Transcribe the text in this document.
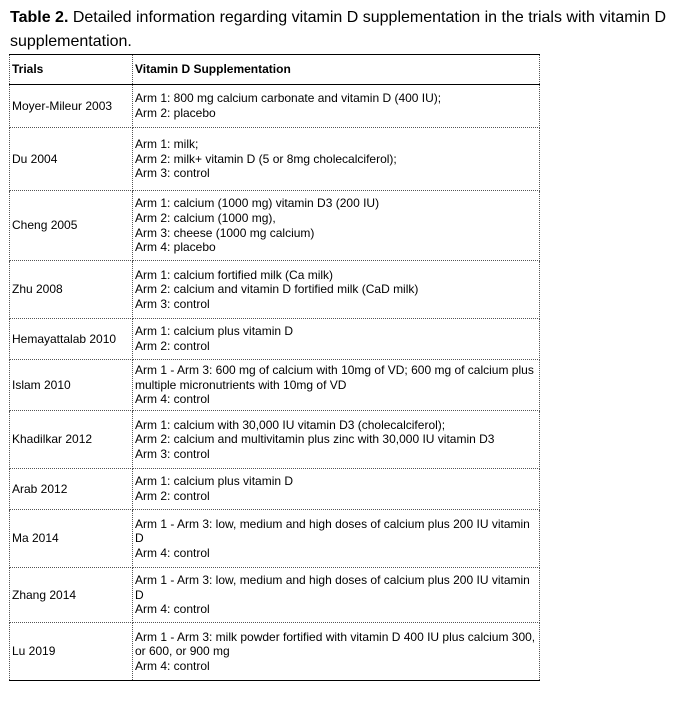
Table 2. Detailed information regarding vitamin D supplementation in the trials with vitamin D supplementation.
Trials	Vitamin D Supplementation
Moyer-Mileur 2003	Arm 1: 800 mg calcium carbonate and vitamin D (400 IU);
Arm 2: placebo

Du 2004	Arm 1: milk;
Arm 2: milk+ vitamin D (5 or 8mg cholecalciferol);
Arm 3: control

Cheng 2005	Arm 1: calcium (1000 mg) vitamin D3 (200 IU)
Arm 2: calcium (1000 mg),
Arm 3: cheese (1000 mg calcium)
Arm 4: placebo

Zhu 2008	Arm 1: calcium fortified milk (Ca milk)
Arm 2: calcium and vitamin D fortified milk (CaD milk)
Arm 3: control

Hemayattalab 2010	Arm 1: calcium plus vitamin D
Arm 2: control

Islam 2010	Arm 1 - Arm 3: 600 mg of calcium with 10mg of VD; 600 mg of calcium plus multiple micronutrients with 10mg of VD
Arm 4: control

Khadilkar 2012	Arm 1: calcium with 30,000 IU vitamin D3 (cholecalciferol);
Arm 2: calcium and multivitamin plus zinc with 30,000 IU vitamin D3
Arm 3: control

Arab 2012	Arm 1: calcium plus vitamin D
Arm 2: control

Ma 2014	Arm 1 - Arm 3: low, medium and high doses of calcium plus 200 IU vitamin D
Arm 4: control

Zhang 2014	Arm 1 - Arm 3: low, medium and high doses of calcium plus 200 IU vitamin D
Arm 4: control

Lu 2019	Arm 1 - Arm 3: milk powder fortified with vitamin D 400 IU plus calcium 300, or 600, or 900 mg
Arm 4: control
